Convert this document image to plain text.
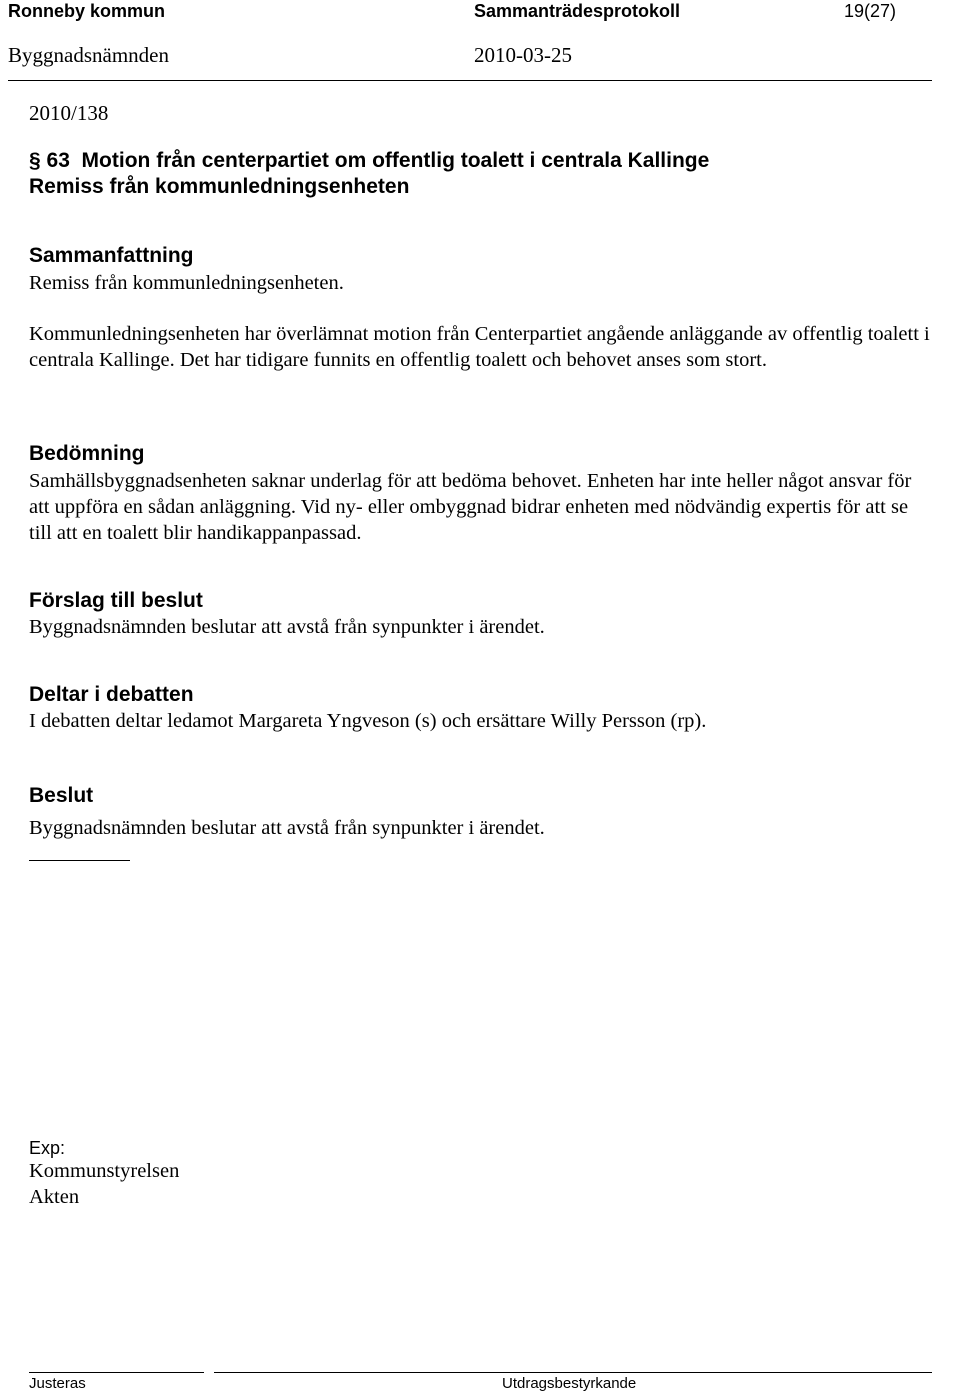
Ronneby kommun	Sammanträdesprotokoll	19(27)
Byggnadsnämnden	2010-03-25
2010/138
§ 63  Motion från centerpartiet om offentlig toalett i centrala Kallinge
Remiss från kommunledningsenheten
Sammanfattning
Remiss från kommunledningsenheten.
Kommunledningsenheten har överlämnat motion från Centerpartiet angående anläggande av offentlig toalett i centrala Kallinge. Det har tidigare funnits en offentlig toalett och behovet anses som stort.
Bedömning
Samhällsbyggnadsenheten saknar underlag för att bedöma behovet. Enheten har inte heller något ansvar för att uppföra en sådan anläggning. Vid ny- eller ombyggnad bidrar enheten med nödvändig expertis för att se till att en toalett blir handikappanpassad.
Förslag till beslut
Byggnadsnämnden beslutar att avstå från synpunkter i ärendet.
Deltar i debatten
I debatten deltar ledamot Margareta Yngveson (s) och ersättare Willy Persson (rp).
Beslut
Byggnadsnämnden beslutar att avstå från synpunkter i ärendet.
Exp:
Kommunstyrelsen
Akten
Justeras	Utdragsbestyrkande
